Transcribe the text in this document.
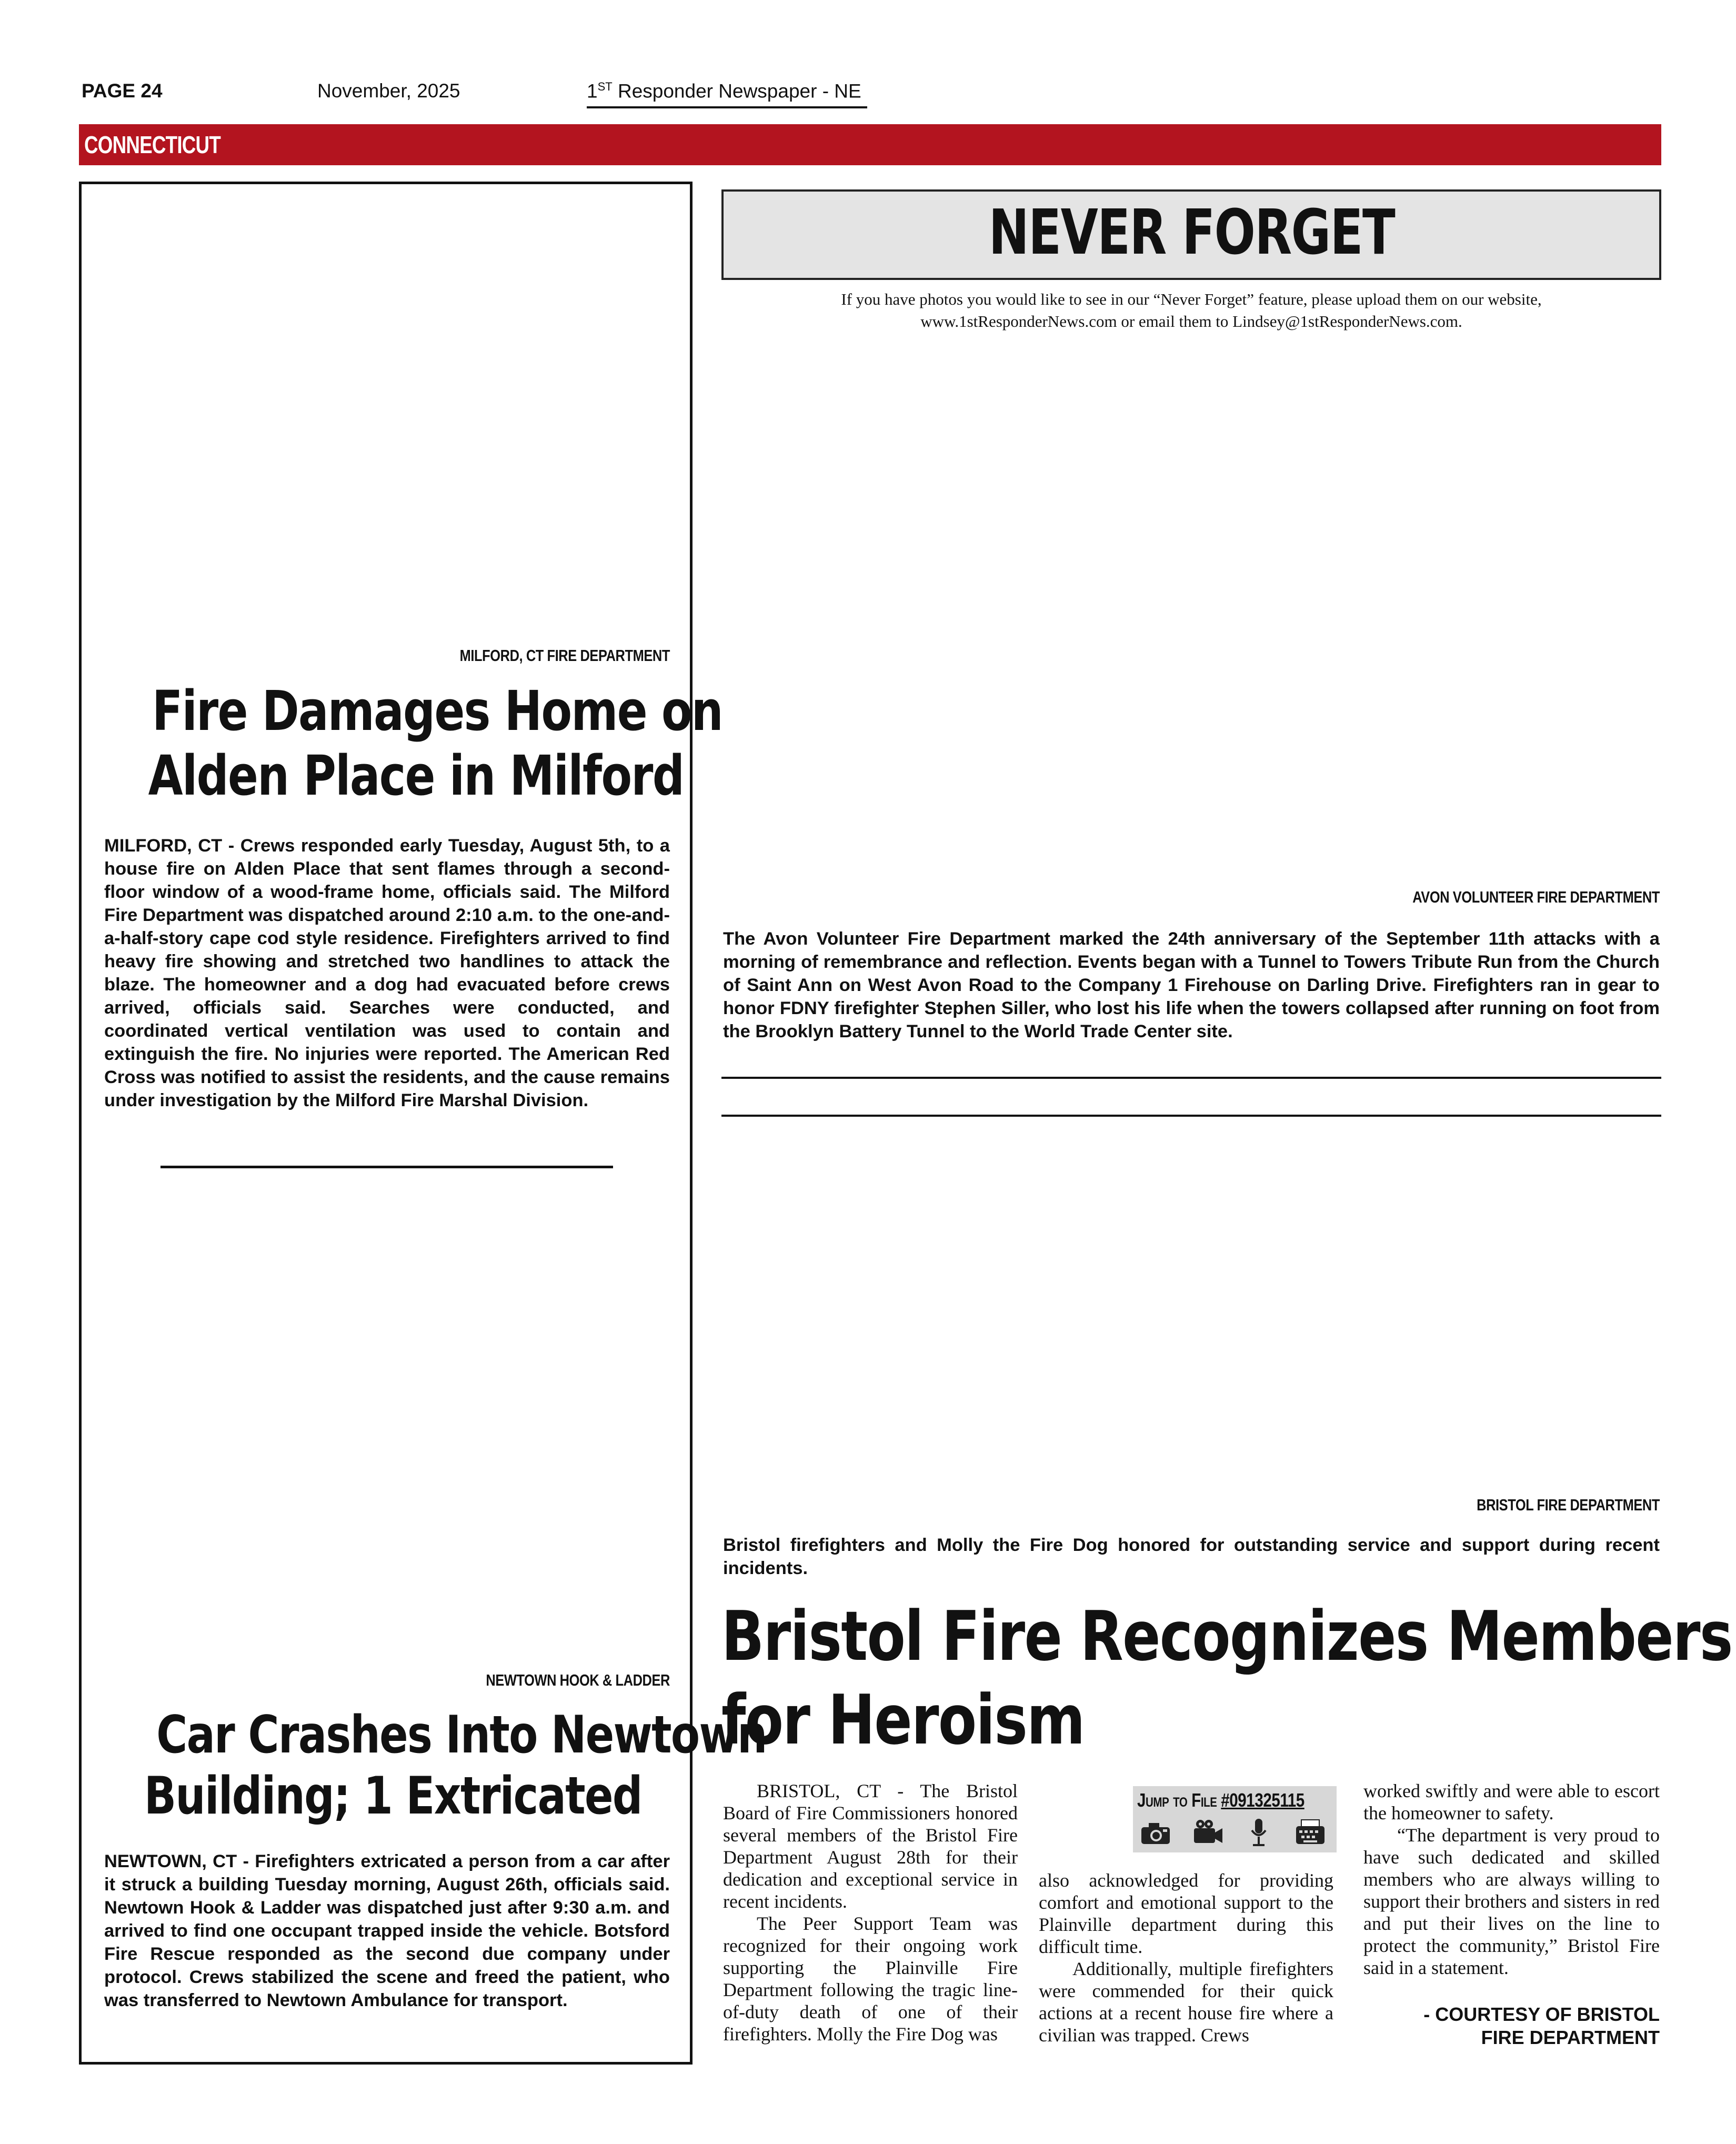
PAGE 24	November, 2025	1ST Responder Newspaper - NE
CONNECTICUT
MILFORD, CT FIRE DEPARTMENT
Fire Damages Home on
Alden Place in Milford
MILFORD, CT - Crews responded early Tuesday, August 5th, to a house fire on Alden Place that sent flames through a second-floor window of a wood-frame home, officials said. The Milford Fire Department was dispatched around 2:10 a.m. to the one-and-a-half-story cape cod style residence. Firefighters arrived to find heavy fire showing and stretched two handlines to attack the blaze. The homeowner and a dog had evacuated before crews arrived, officials said. Searches were conducted, and coordinated vertical ventilation was used to contain and extinguish the fire. No injuries were reported. The American Red Cross was notified to assist the residents, and the cause remains under investigation by the Milford Fire Marshal Division.
NEWTOWN HOOK & LADDER
Car Crashes Into Newtown
Building; 1 Extricated
NEWTOWN, CT - Firefighters extricated a person from a car after it struck a building Tuesday morning, August 26th, officials said. Newtown Hook & Ladder was dispatched just after 9:30 a.m. and arrived to find one occupant trapped inside the vehicle. Botsford Fire Rescue responded as the second due company under protocol. Crews stabilized the scene and freed the patient, who was transferred to Newtown Ambulance for transport.
NEVER FORGET
If you have photos you would like to see in our “Never Forget” feature, please upload them on our website,
www.1stResponderNews.com or email them to Lindsey@1stResponderNews.com.
AVON VOLUNTEER FIRE DEPARTMENT
The Avon Volunteer Fire Department marked the 24th anniversary of the September 11th attacks with a morning of remembrance and reflection. Events began with a Tunnel to Towers Tribute Run from the Church of Saint Ann on West Avon Road to the Company 1 Firehouse on Darling Drive. Firefighters ran in gear to honor FDNY firefighter Stephen Siller, who lost his life when the towers collapsed after running on foot from the Brooklyn Battery Tunnel to the World Trade Center site.
BRISTOL FIRE DEPARTMENT
Bristol firefighters and Molly the Fire Dog honored for outstanding service and support during recent incidents.
Bristol Fire Recognizes Members
for Heroism

BRISTOL, CT - The Bristol Board of Fire Commissioners honored several members of the Bristol Fire Department August 28th for their dedication and exceptional service in recent incidents.

The Peer Support Team was recognized for their ongoing work supporting the Plainville Fire Department following the tragic line-of-duty death of one of their firefighters. Molly the Fire Dog was

Jump to File #091325115

also acknowledged for providing comfort and emotional support to the Plainville department during this difficult time.

Additionally, multiple firefighters were commended for their quick actions at a recent house fire where a civilian was trapped. Crews

worked swiftly and were able to escort the homeowner to safety.

“The department is very proud to have such dedicated and skilled members who are always willing to support their brothers and sisters in red and put their lives on the line to protect the community,” Bristol Fire said in a statement.

- COURTESY OF BRISTOL
FIRE DEPARTMENT
